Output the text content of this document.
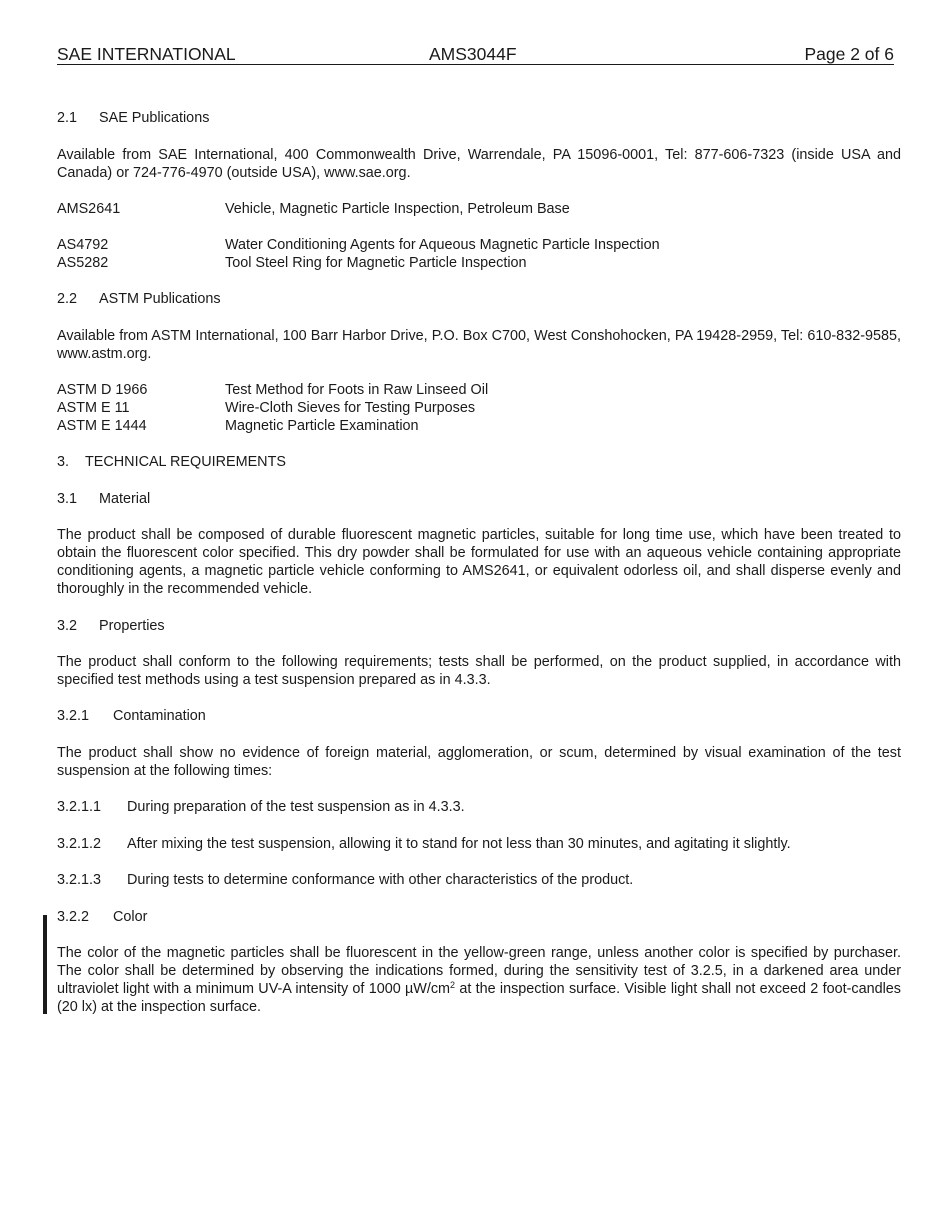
SAE INTERNATIONAL	AMS3044F	Page 2 of 6
2.1 SAE Publications
Available from SAE International, 400 Commonwealth Drive, Warrendale, PA 15096-0001, Tel: 877-606-7323 (inside USA and Canada) or 724-776-4970 (outside USA), www.sae.org.
AMS2641	Vehicle, Magnetic Particle Inspection, Petroleum Base
AS4792	Water Conditioning Agents for Aqueous Magnetic Particle Inspection
AS5282	Tool Steel Ring for Magnetic Particle Inspection
2.2 ASTM Publications
Available from ASTM International, 100 Barr Harbor Drive, P.O. Box C700, West Conshohocken, PA 19428-2959, Tel: 610-832-9585, www.astm.org.
ASTM D 1966	Test Method for Foots in Raw Linseed Oil
ASTM E 11	Wire-Cloth Sieves for Testing Purposes
ASTM E 1444	Magnetic Particle Examination
3. TECHNICAL REQUIREMENTS
3.1 Material
The product shall be composed of durable fluorescent magnetic particles, suitable for long time use, which have been treated to obtain the fluorescent color specified. This dry powder shall be formulated for use with an aqueous vehicle containing appropriate conditioning agents, a magnetic particle vehicle conforming to AMS2641, or equivalent odorless oil, and shall disperse evenly and thoroughly in the recommended vehicle.
3.2 Properties
The product shall conform to the following requirements; tests shall be performed, on the product supplied, in accordance with specified test methods using a test suspension prepared as in 4.3.3.
3.2.1 Contamination
The product shall show no evidence of foreign material, agglomeration, or scum, determined by visual examination of the test suspension at the following times:
3.2.1.1 During preparation of the test suspension as in 4.3.3.
3.2.1.2 After mixing the test suspension, allowing it to stand for not less than 30 minutes, and agitating it slightly.
3.2.1.3 During tests to determine conformance with other characteristics of the product.
3.2.2 Color
The color of the magnetic particles shall be fluorescent in the yellow-green range, unless another color is specified by purchaser. The color shall be determined by observing the indications formed, during the sensitivity test of 3.2.5, in a darkened area under ultraviolet light with a minimum UV-A intensity of 1000 $\mu W/cm^2$ at the inspection surface. Visible light shall not exceed 2 foot-candles (20 lx) at the inspection surface.
